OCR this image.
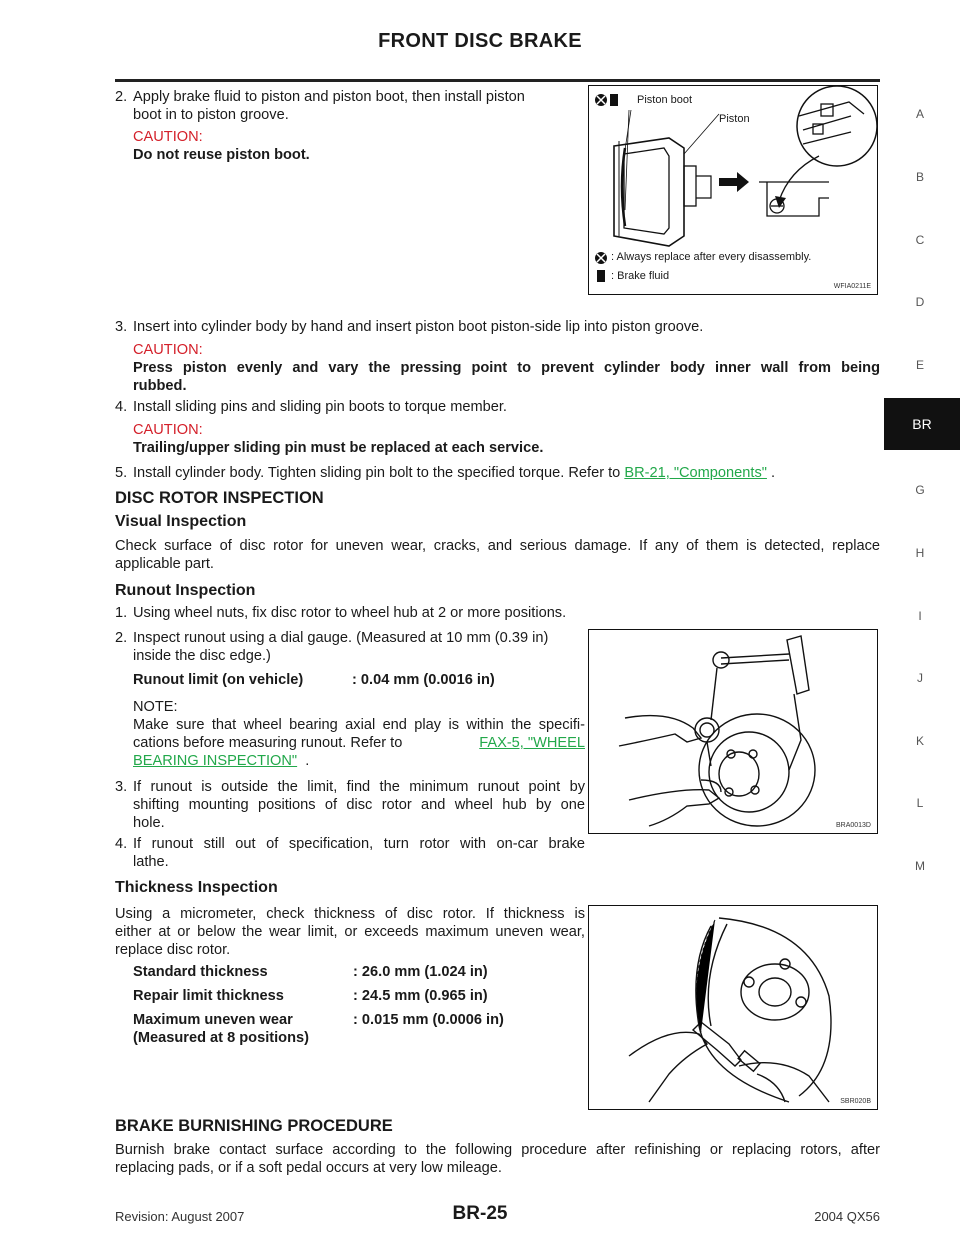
FRONT DISC BRAKE
A
B
C
D
E
BR
G
H
I
J
K
L
M
2. Apply brake fluid to piston and piston boot, then install piston
boot in to piston groove.
CAUTION:
Do not reuse piston boot.
Piston boot
Piston
: Always replace after every disassembly.
: Brake fluid
WFIA0211E
3. Insert into cylinder body by hand and insert piston boot piston-side lip into piston groove.
CAUTION:
Press piston evenly and vary the pressing point to prevent cylinder body inner wall from being
rubbed.
4. Install sliding pins and sliding pin boots to torque member.
CAUTION:
Trailing/upper sliding pin must be replaced at each service.
5. Install cylinder body. Tighten sliding pin bolt to the specified torque. Refer to BR-21, "Components" .
DISC ROTOR INSPECTION
Visual Inspection
Check surface of disc rotor for uneven wear, cracks, and serious damage. If any of them is detected, replace
applicable part.
Runout Inspection
1. Using wheel nuts, fix disc rotor to wheel hub at 2 or more positions.
2. Inspect runout using a dial gauge. (Measured at 10 mm (0.39 in)
inside the disc edge.)
Runout limit (on vehicle)	: 0.04 mm (0.0016 in)
NOTE:
Make sure that wheel bearing axial end play is within the specifi-
cations before measuring runout. Refer to	FAX-5, "WHEEL
BEARING INSPECTION" .
3. If runout is outside the limit, find the minimum runout point by
shifting mounting positions of disc rotor and wheel hub by one
hole.
4. If runout still out of specification, turn rotor with on-car brake
lathe.
BRA0013D
Thickness Inspection
Using a micrometer, check thickness of disc rotor. If thickness is
either at or below the wear limit, or exceeds maximum uneven wear,
replace disc rotor.
Standard thickness	: 26.0 mm (1.024 in)
Repair limit thickness	: 24.5 mm (0.965 in)

Maximum uneven wear
(Measured at 8 positions)	: 0.015 mm (0.0006 in)
SBR020B
BRAKE BURNISHING PROCEDURE
Burnish brake contact surface according to the following procedure after refinishing or replacing rotors, after
replacing pads, or if a soft pedal occurs at very low mileage.
Revision: August 2007	BR-25	2004 QX56
